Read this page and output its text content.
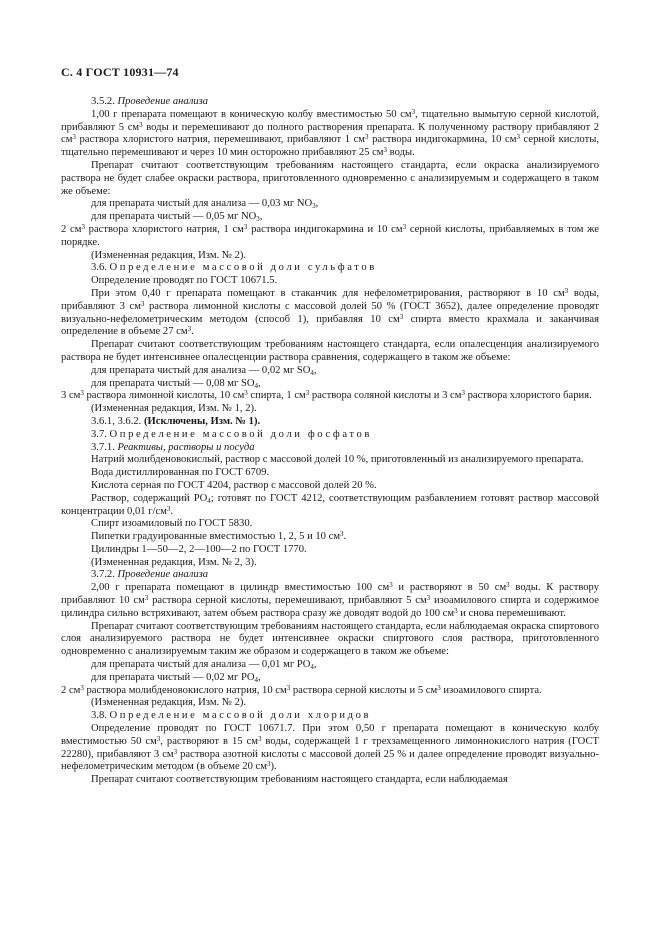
С. 4 ГОСТ 10931—74

3.5.2. Проведение анализа

1,00 г препарата помещают в коническую колбу вместимостью 50 $см^3$, тщательно вымытую серной кислотой, прибавляют 5 $см^3$ воды и перемешивают до полного растворения препарата. К полученному раствору прибавляют 2 $см^3$ раствора хлористого натрия, перемешивают, прибавляют 1 $см^3$ раствора индигокармина, 10 $см^3$ серной кислоты, тщательно перемешивают и через 10 мин осторожно прибавляют 25 $см^3$ воды.

Препарат считают соответствующим требованиям настоящего стандарта, если окраска анализируемого раствора не будет слабее окраски раствора, приготовленного одновременно с анализируемым и содержащего в таком же объеме:

для препарата чистый для анализа — 0,03 мг $NO_3$,

для препарата чистый — 0,05 мг $NO_3$,

2 $см^3$ раствора хлористого натрия, 1 $см^3$ раствора индигокармина и 10 $см^3$ серной кислоты, прибавляемых в том же порядке.

(Измененная редакция, Изм. № 2).

3.6. Определение массовой доли сульфатов

Определение проводят по ГОСТ 10671.5.

При этом 0,40 г препарата помещают в стаканчик для нефелометрирования, растворяют в 10 $см^3$ воды, прибавляют 3 $см^3$ раствора лимонной кислоты с массовой долей 50 % (ГОСТ 3652), далее определение проводят визуально-нефелометрическим методом (способ 1), прибавляя 10 $см^3$ спирта вместо крахмала и заканчивая определение в объеме 27 $см^3$.

Препарат считают соответствующим требованиям настоящего стандарта, если опалесценция анализируемого раствора не будет интенсивнее опалесценции раствора сравнения, содержащего в таком же объеме:

для препарата чистый для анализа — 0,02 мг $SO_4$,

для препарата чистый — 0,08 мг $SO_4$,

3 $см^3$ раствора лимонной кислоты, 10 $см^3$ спирта, 1 $см^3$ раствора соляной кислоты и 3 $см^3$ раствора хлористого бария.

(Измененная редакция, Изм. № 1, 2).

3.6.1, 3.6.2. (Исключены, Изм. № 1).

3.7. Определение массовой доли фосфатов

3.7.1. Реактивы, растворы и посуда

Натрий молибденовокислый, раствор с массовой долей 10 %, приготовленный из анализируемого препарата.

Вода дистиллированная по ГОСТ 6709.

Кислота серная по ГОСТ 4204, раствор с массовой долей 20 %.

Раствор, содержащий $PO_4$; готовят по ГОСТ 4212, соответствующим разбавлением готовят раствор массовой концентрации 0,01 $г/см^3$.

Спирт изоамиловый по ГОСТ 5830.

Пипетки градуированные вместимостью 1, 2, 5 и 10 $см^3$.

Цилиндры 1—50—2, 2—100—2 по ГОСТ 1770.

(Измененная редакция, Изм. № 2, 3).

3.7.2. Проведение анализа

2,00 г препарата помещают в цилиндр вместимостью 100 $см^3$ и растворяют в 50 $см^3$ воды. К раствору прибавляют 10 $см^3$ раствора серной кислоты, перемешивают, прибавляют 5 $см^3$ изоамилового спирта и содержимое цилиндра сильно встряхивают, затем объем раствора сразу же доводят водой до 100 $см^3$ и снова перемешивают.

Препарат считают соответствующим требованиям настоящего стандарта, если наблюдаемая окраска спиртового слоя анализируемого раствора не будет интенсивнее окраски спиртового слоя раствора, приготовленного одновременно с анализируемым таким же образом и содержащего в таком же объеме:

для препарата чистый для анализа — 0,01 мг $PO_4$,

для препарата чистый — 0,02 мг $PO_4$,

2 $см^3$ раствора молибденовокислого натрия, 10 $см^3$ раствора серной кислоты и 5 $см^3$ изоамилового спирта.

(Измененная редакция, Изм. № 2).

3.8. Определение массовой доли хлоридов

Определение проводят по ГОСТ 10671.7. При этом 0,50 г препарата помещают в коническую колбу вместимостью 50 $см^3$, растворяют в 15 $см^3$ воды, содержащей 1 г трехзамещенного лимоннокислого натрия (ГОСТ 22280), прибавляют 3 $см^3$ раствора азотной кислоты с массовой долей 25 % и далее определение проводят визуально-нефелометрическим методом (в объеме 20 $см^3$).

Препарат считают соответствующим требованиям настоящего стандарта, если наблюдаемая
